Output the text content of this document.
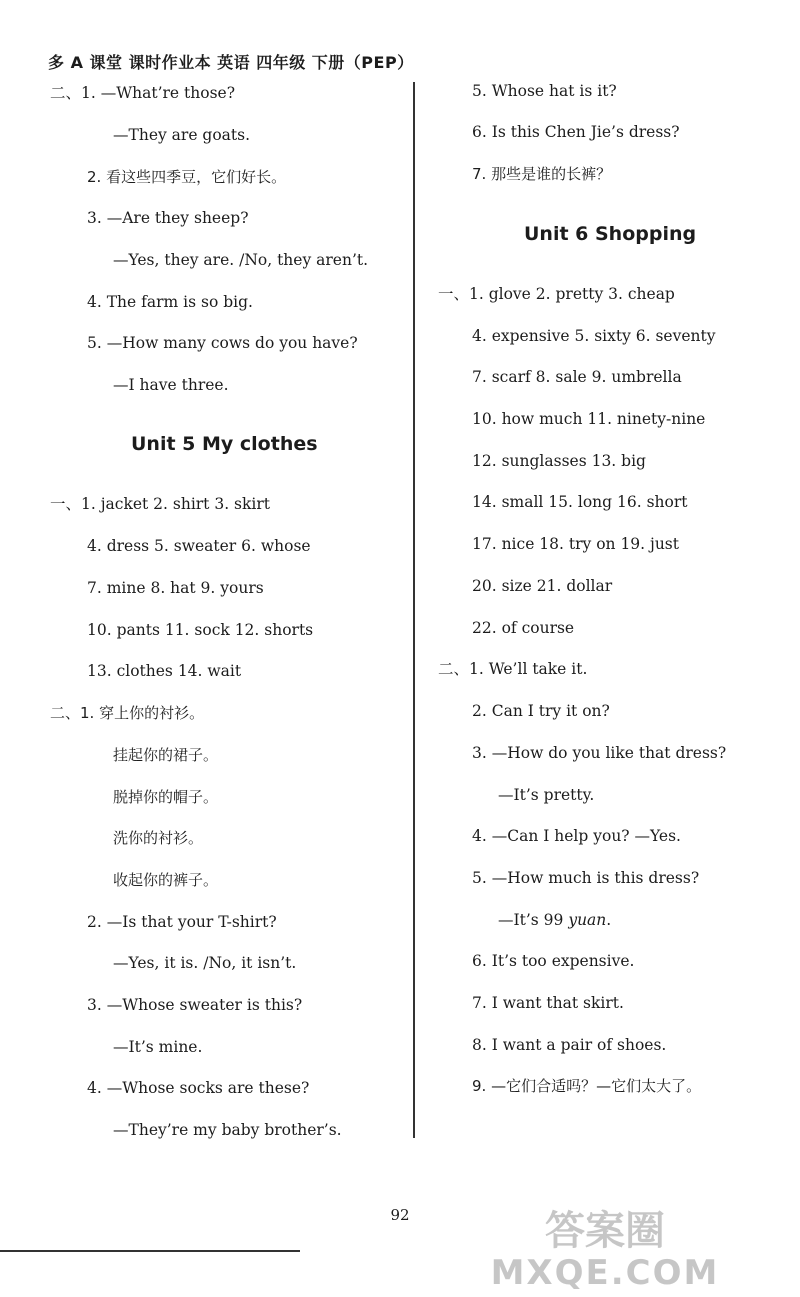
多 A 课堂 课时作业本 英语 四年级 下册（PEP）
二、1. —What’re those?
—They are goats.
2. 看这些四季豆，它们好长。
3. —Are they sheep?
—Yes, they are. /No, they aren’t.
4. The farm is so big.
5. —How many cows do you have?
—I have three.
Unit 5 My clothes
一、1. jacket 2. shirt 3. skirt
4. dress 5. sweater 6. whose
7. mine 8. hat 9. yours
10. pants 11. sock 12. shorts
13. clothes 14. wait
二、1. 穿上你的衬衫。
挂起你的裙子。
脱掉你的帽子。
洗你的衬衫。
收起你的裤子。
2. —Is that your T-shirt?
—Yes, it is. /No, it isn’t.
3. —Whose sweater is this?
—It’s mine.
4. —Whose socks are these?
—They’re my baby brother’s.
5. Whose hat is it?
6. Is this Chen Jie’s dress?
7. 那些是谁的长裤？
Unit 6 Shopping
一、1. glove 2. pretty 3. cheap
4. expensive 5. sixty 6. seventy
7. scarf 8. sale 9. umbrella
10. how much 11. ninety-nine
12. sunglasses 13. big
14. small 15. long 16. short
17. nice 18. try on 19. just
20. size 21. dollar
22. of course
二、1. We’ll take it.
2. Can I try it on?
3. —How do you like that dress?
—It’s pretty.
4. —Can I help you? —Yes.
5. —How much is this dress?
—It’s 99 yuan.
6. It’s too expensive.
7. I want that skirt.
8. I want a pair of shoes.
9. —它们合适吗？—它们太大了。
92	答案圈
MXQE.COM
